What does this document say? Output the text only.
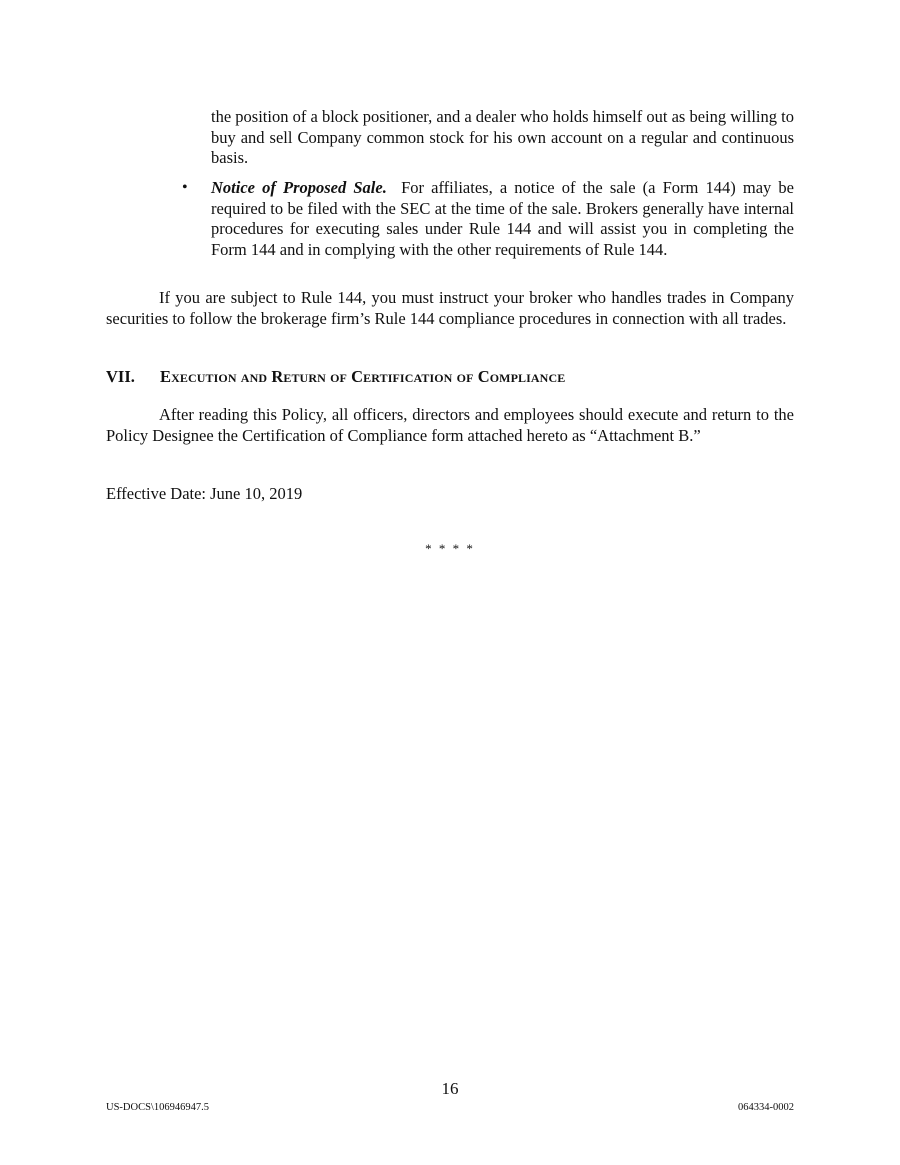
the position of a block positioner, and a dealer who holds himself out as being willing to buy and sell Company common stock for his own account on a regular and continuous basis.

• Notice of Proposed Sale. For affiliates, a notice of the sale (a Form 144) may be required to be filed with the SEC at the time of the sale. Brokers generally have internal procedures for executing sales under Rule 144 and will assist you in completing the Form 144 and in complying with the other requirements of Rule 144.

If you are subject to Rule 144, you must instruct your broker who handles trades in Company securities to follow the brokerage firm’s Rule 144 compliance procedures in connection with all trades.

VII. Execution and Return of Certification of Compliance

After reading this Policy, all officers, directors and employees should execute and return to the Policy Designee the Certification of Compliance form attached hereto as “Attachment B.”

Effective Date: June 10, 2019

* * * *

16

US-DOCS\106946947.5	064334-0002
